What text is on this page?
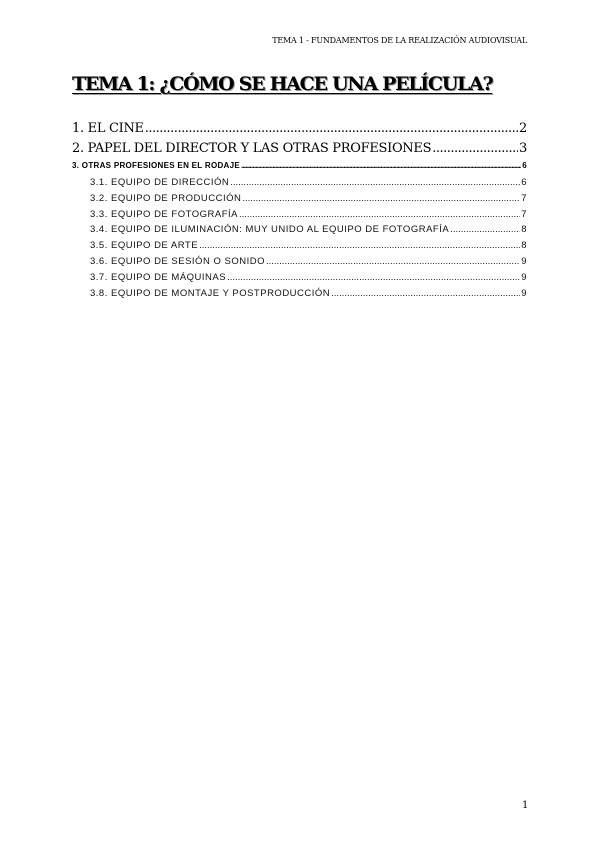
TEMA 1 - FUNDAMENTOS DE LA REALIZACIÓN AUDIOVISUAL
TEMA 1: ¿CÓMO SE HACE UNA PELÍCULA?
1. EL CINE .....	2
2. PAPEL DEL DIRECTOR Y LAS OTRAS PROFESIONES .....	3
3. OTRAS PROFESIONES EN EL RODAJE .....	6
3.1. EQUIPO DE DIRECCIÓN .....	6
3.2. EQUIPO DE PRODUCCIÓN .....	7
3.3. EQUIPO DE FOTOGRAFÍA .....	7
3.4. EQUIPO DE ILUMINACIÓN: MUY UNIDO AL EQUIPO DE FOTOGRAFÍA .....	8
3.5. EQUIPO DE ARTE .....	8
3.6. EQUIPO DE SESIÓN O SONIDO .....	9
3.7. EQUIPO DE MÁQUINAS .....	9
3.8. EQUIPO DE MONTAJE Y POSTPRODUCCIÓN .....	9
1
